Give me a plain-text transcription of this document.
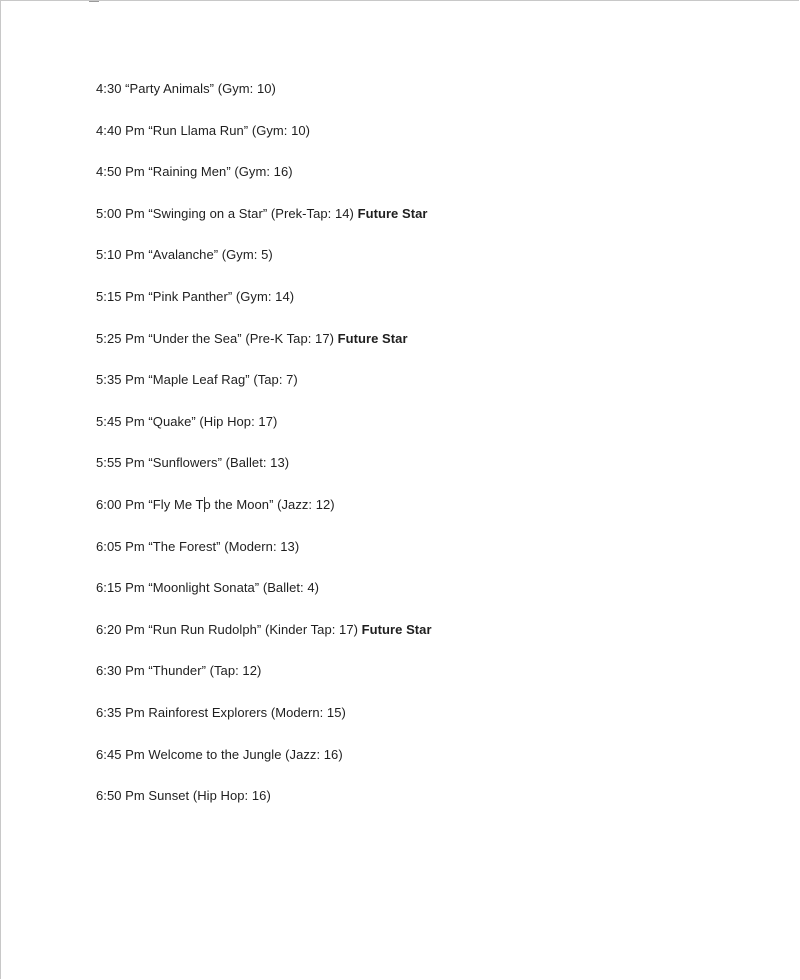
4:30 “Party Animals” (Gym: 10)
4:40 Pm “Run Llama Run” (Gym: 10)
4:50 Pm “Raining Men” (Gym: 16)
5:00 Pm “Swinging on a Star” (Prek-Tap: 14) Future Star
5:10 Pm “Avalanche” (Gym: 5)
5:15 Pm “Pink Panther” (Gym: 14)
5:25 Pm “Under the Sea” (Pre-K Tap: 17) Future Star
5:35 Pm “Maple Leaf Rag” (Tap: 7)
5:45 Pm “Quake” (Hip Hop: 17)
5:55 Pm “Sunflowers” (Ballet: 13)
6:00 Pm “Fly Me To the Moon” (Jazz: 12)
6:05 Pm “The Forest” (Modern: 13)
6:15 Pm “Moonlight Sonata” (Ballet: 4)
6:20 Pm “Run Run Rudolph” (Kinder Tap: 17) Future Star
6:30 Pm “Thunder” (Tap: 12)
6:35 Pm Rainforest Explorers (Modern: 15)
6:45 Pm Welcome to the Jungle (Jazz: 16)
6:50 Pm Sunset (Hip Hop: 16)
